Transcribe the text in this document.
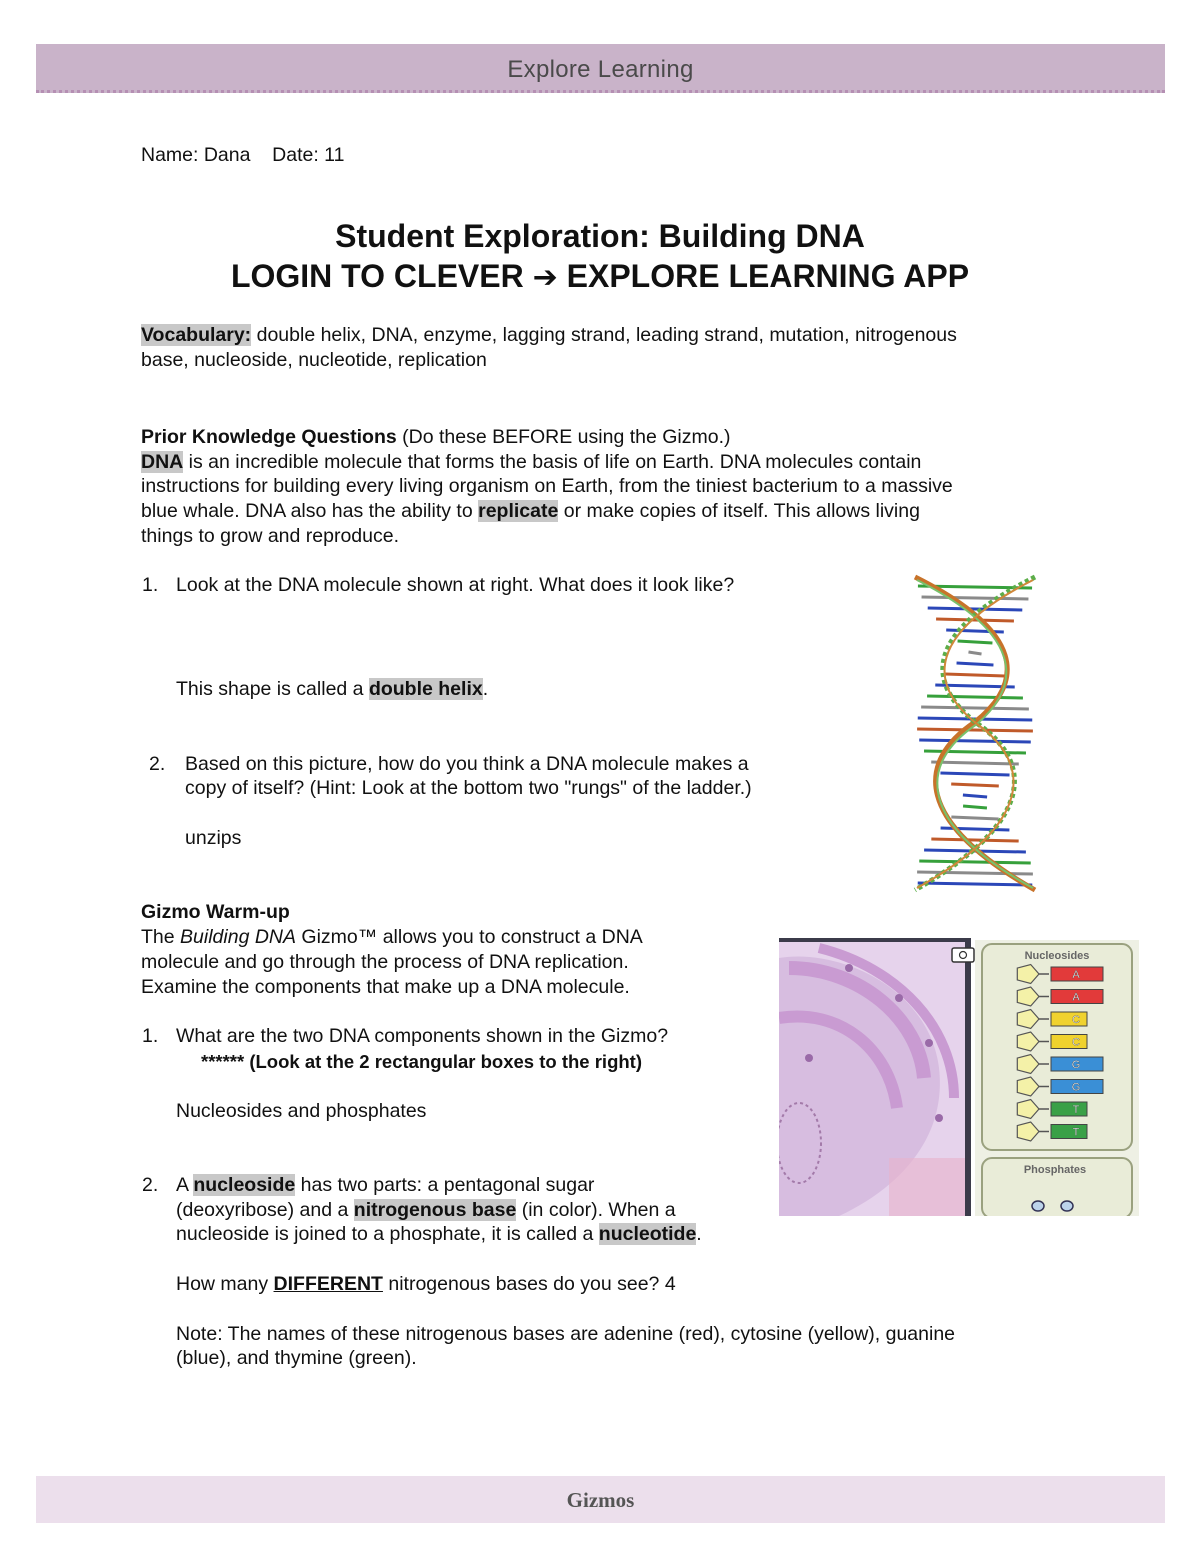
Explore Learning
Name: Dana    Date: 11
Student Exploration: Building DNA
LOGIN TO CLEVER ➔ EXPLORE LEARNING APP
Vocabulary: double helix, DNA, enzyme, lagging strand, leading strand, mutation, nitrogenous
base, nucleoside, nucleotide, replication
Prior Knowledge Questions (Do these BEFORE using the Gizmo.)
DNA is an incredible molecule that forms the basis of life on Earth. DNA molecules contain
instructions for building every living organism on Earth, from the tiniest bacterium to a massive
blue whale. DNA also has the ability to replicate or make copies of itself. This allows living
things to grow and reproduce.
1. Look at the DNA molecule shown at right. What does it look like?
This shape is called a double helix.
2. Based on this picture, how do you think a DNA molecule makes a
copy of itself? (Hint: Look at the bottom two "rungs" of the ladder.)
unzips
Gizmo Warm-up
The Building DNA Gizmo™ allows you to construct a DNA
molecule and go through the process of DNA replication.
Examine the components that make up a DNA molecule.
1. What are the two DNA components shown in the Gizmo?
****** (Look at the 2 rectangular boxes to the right)
Nucleosides and phosphates
2. A nucleoside has two parts: a pentagonal sugar
(deoxyribose) and a nitrogenous base (in color). When a
nucleoside is joined to a phosphate, it is called a nucleotide.
How many DIFFERENT nitrogenous bases do you see? 4
Note: The names of these nitrogenous bases are adenine (red), cytosine (yellow), guanine
(blue), and thymine (green).
Nucleosides
A
A
C
C
G
G
T
T
Phosphates
Gizmos
